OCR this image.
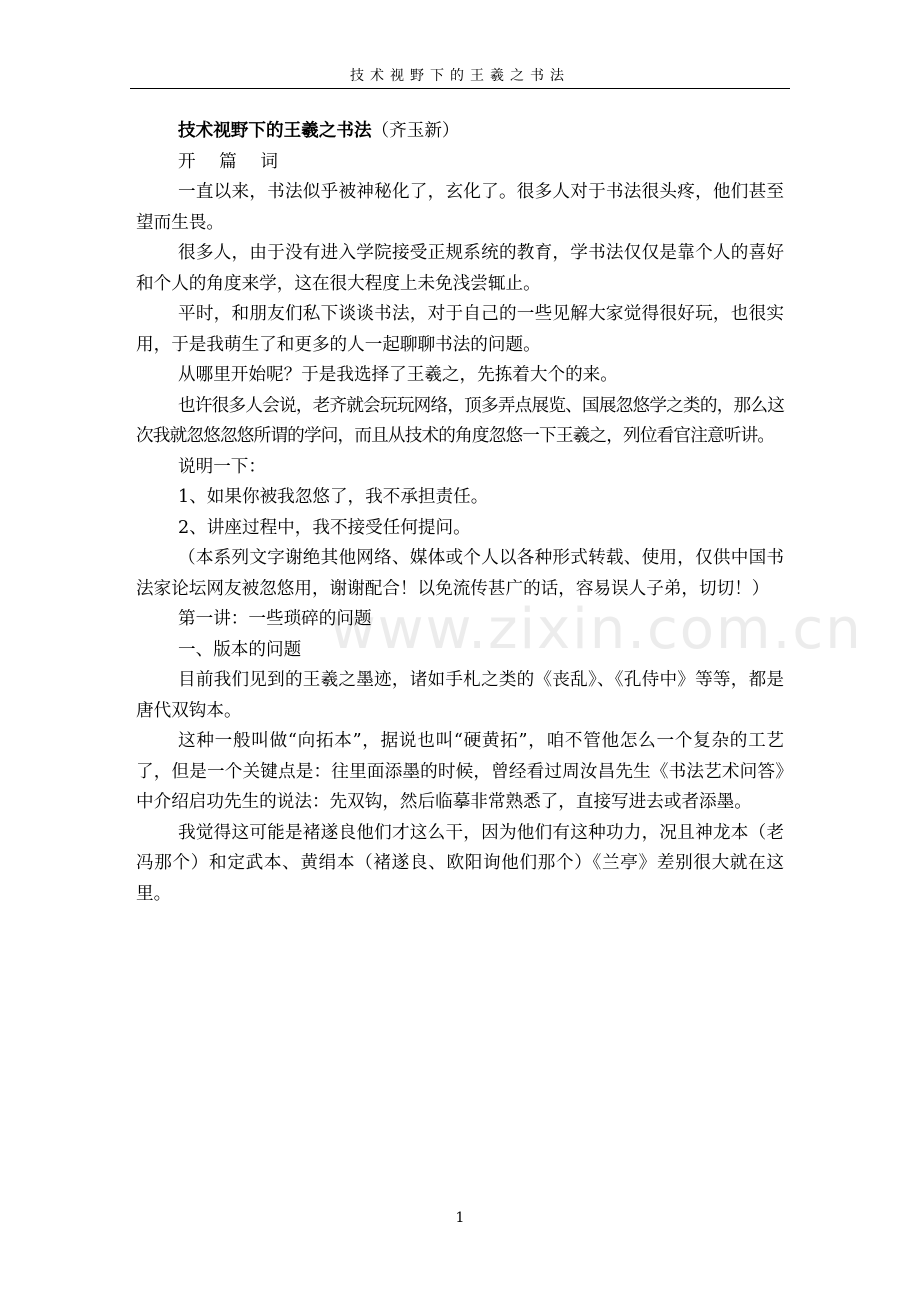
技术视野下的王羲之书法
www.zixin.com.cn

技术视野下的王羲之书法（齐玉新）

开 篇 词

一直以来，书法似乎被神秘化了，玄化了。很多人对于书法很头疼，他们甚至望而生畏。

很多人，由于没有进入学院接受正规系统的教育，学书法仅仅是靠个人的喜好和个人的角度来学，这在很大程度上未免浅尝辄止。

平时，和朋友们私下谈谈书法，对于自己的一些见解大家觉得很好玩，也很实用，于是我萌生了和更多的人一起聊聊书法的问题。

从哪里开始呢？于是我选择了王羲之，先拣着大个的来。

也许很多人会说，老齐就会玩玩网络，顶多弄点展览、国展忽悠学之类的，那么这次我就忽悠忽悠所谓的学问，而且从技术的角度忽悠一下王羲之，列位看官注意听讲。

说明一下：

1、如果你被我忽悠了，我不承担责任。

2、讲座过程中，我不接受任何提问。

（本系列文字谢绝其他网络、媒体或个人以各种形式转载、使用，仅供中国书法家论坛网友被忽悠用，谢谢配合！以免流传甚广的话，容易误人子弟，切切！）

第一讲：一些琐碎的问题

一、版本的问题

目前我们见到的王羲之墨迹，诸如手札之类的《丧乱》、《孔侍中》等等，都是唐代双钩本。

这种一般叫做“向拓本”，据说也叫“硬黄拓”，咱不管他怎么一个复杂的工艺了，但是一个关键点是：往里面添墨的时候，曾经看过周汝昌先生《书法艺术问答》中介绍启功先生的说法：先双钩，然后临摹非常熟悉了，直接写进去或者添墨。

我觉得这可能是褚遂良他们才这么干，因为他们有这种功力，况且神龙本（老冯那个）和定武本、黄绢本（褚遂良、欧阳询他们那个）《兰亭》差别很大就在这里。

1
